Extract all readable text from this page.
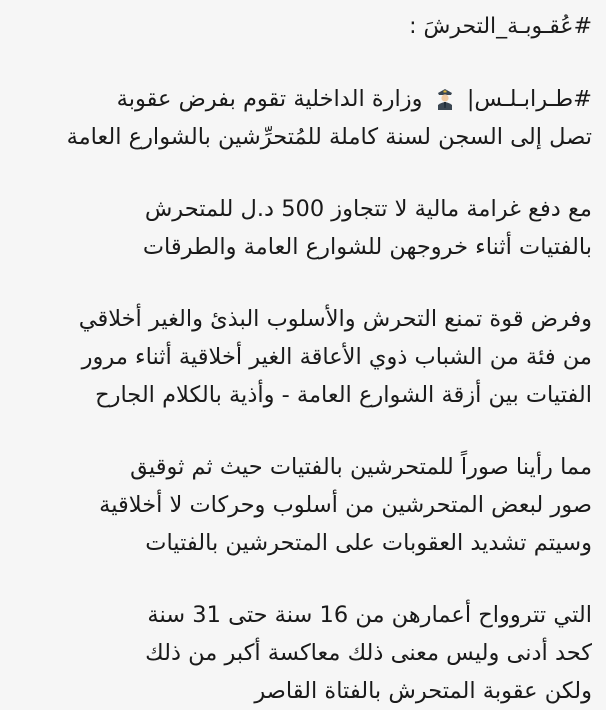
#عُقـوبـة_التحرشَ :
#طـرابـلـس|
وزارة الداخلية تقوم بفرض عقوبة
تصل إلى السجن لسنة كاملة للمُتحرِّشين بالشوارع العامة
مع دفع غرامة مالية لا تتجاوز 500 د.ل للمتحرش
بالفتيات أثناء خروجهن للشوارع العامة والطرقات
وفرض قوة تمنع التحرش والأسلوب البذئ والغير أخلاقي
من فئة من الشباب ذوي الأعاقة الغير أخلاقية أثناء مرور
الفتيات بين أزقة الشوارع العامة - وأذية بالكلام الجارح
مما رأينا صوراً للمتحرشين بالفتيات حيث ثم ثوقيق
صور لبعض المتحرشين من أسلوب وحركات لا أخلاقية
وسيتم تشديد العقوبات على المتحرشين بالفتيات
التي تتروواح أعمارهن من 16 سنة حتى 31 سنة
كحد أدنى وليس معنى ذلك معاكسة أكبر من ذلك
ولكن عقوبة المتحرش بالفتاة القاصر
